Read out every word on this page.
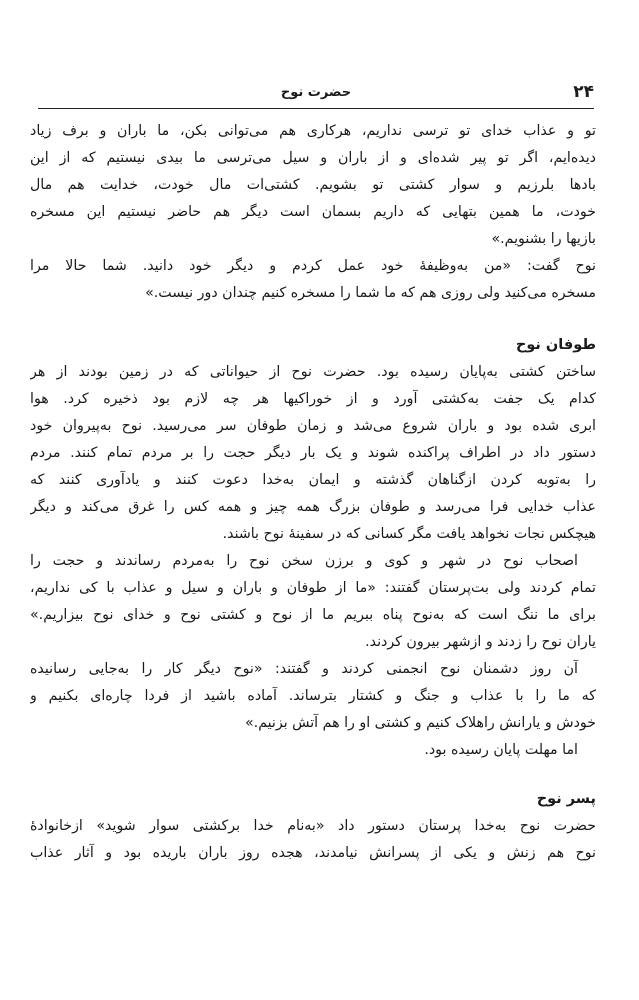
۲۴
حضرت نوح
تو و عذاب خدای تو ترسی نداریم، هرکاری هم می‌توانی بکن، ما باران و برف زیاد
دیده‌ایم، اگر تو پیر شده‌ای و از باران و سیل می‌ترسی ما بیدی نیستیم که از این
بادها بلرزیم و سوار کشتی تو بشویم. کشتی‌ات مال خودت، خدایت هم مال
خودت، ما همین بتهایی که داریم بسمان است دیگر هم حاضر نیستیم این مسخره
بازیها را بشنویم.»
نوح گفت: «من به‌وظیفهٔ خود عمل کردم و دیگر خود دانید. شما حالا مرا
مسخره می‌کنید ولی روزی هم که ما شما را مسخره کنیم چندان دور نیست.»
طوفان نوح
ساختن کشتی به‌پایان رسیده بود. حضرت نوح از حیواناتی که در زمین بودند از هر
کدام یک جفت به‌کشتی آورد و از خوراکیها هر چه لازم بود ذخیره کرد. هوا
ابری شده بود و باران شروع می‌شد و زمان طوفان سر می‌رسید. نوح به‌پیروان خود
دستور داد در اطراف پراکنده شوند و یک بار دیگر حجت را بر مردم تمام کنند. مردم
را به‌توبه کردن ازگناهان گذشته و ایمان به‌خدا دعوت کنند و یادآوری کنند که
عذاب خدایی فرا می‌رسد و طوفان بزرگ همه چیز و همه کس را غرق می‌کند و دیگر
هیچکس نجات نخواهد یافت مگر کسانی که در سفینهٔ نوح باشند.
اصحاب نوح در شهر و کوی و برزن سخن نوح را به‌مردم رساندند و حجت را
تمام کردند ولی بت‌پرستان گفتند: «ما از طوفان و باران و سیل و عذاب با کی نداریم،
برای ما ننگ است که به‌نوح پناه ببریم ما از نوح و کشتی نوح و خدای نوح بیزاریم.»
یاران نوح را زدند و ازشهر بیرون کردند.
آن روز دشمنان نوح انجمنی کردند و گفتند: «نوح دیگر کار را به‌جایی رسانیده
که ما را با عذاب و جنگ و کشتار بترساند. آماده باشید از فردا چاره‌ای بکنیم و
خودش و یارانش راهلاک کنیم و کشتی او را هم آتش بزنیم.»
اما مهلت پایان رسیده بود.
پسر نوح
حضرت نوح به‌خدا پرستان دستور داد «به‌نام خدا برکشتی سوار شوید» ازخانوادهٔ
نوح هم زنش و یکی از پسرانش نیامدند، هجده روز باران باریده بود و آثار عذاب
